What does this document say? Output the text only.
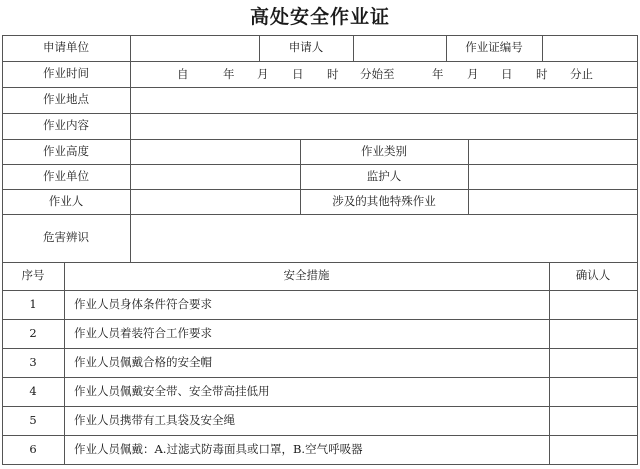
高处安全作业证
申请单位	申请人	作业证编号
作业时间	自	年 月 日 时 分始至	年 月 日 时 分止
作业地点
作业内容
作业高度	作业类别
作业单位	监护人
作业人	涉及的其他特殊作业
危害辨识
序号	安全措施	确认人
1	作业人员身体条件符合要求
2	作业人员着装符合工作要求
3	作业人员佩戴合格的安全帽
4	作业人员佩戴安全带、安全带高挂低用
5	作业人员携带有工具袋及安全绳
6	作业人员佩戴：A.过滤式防毒面具或口罩，B.空气呼吸器
